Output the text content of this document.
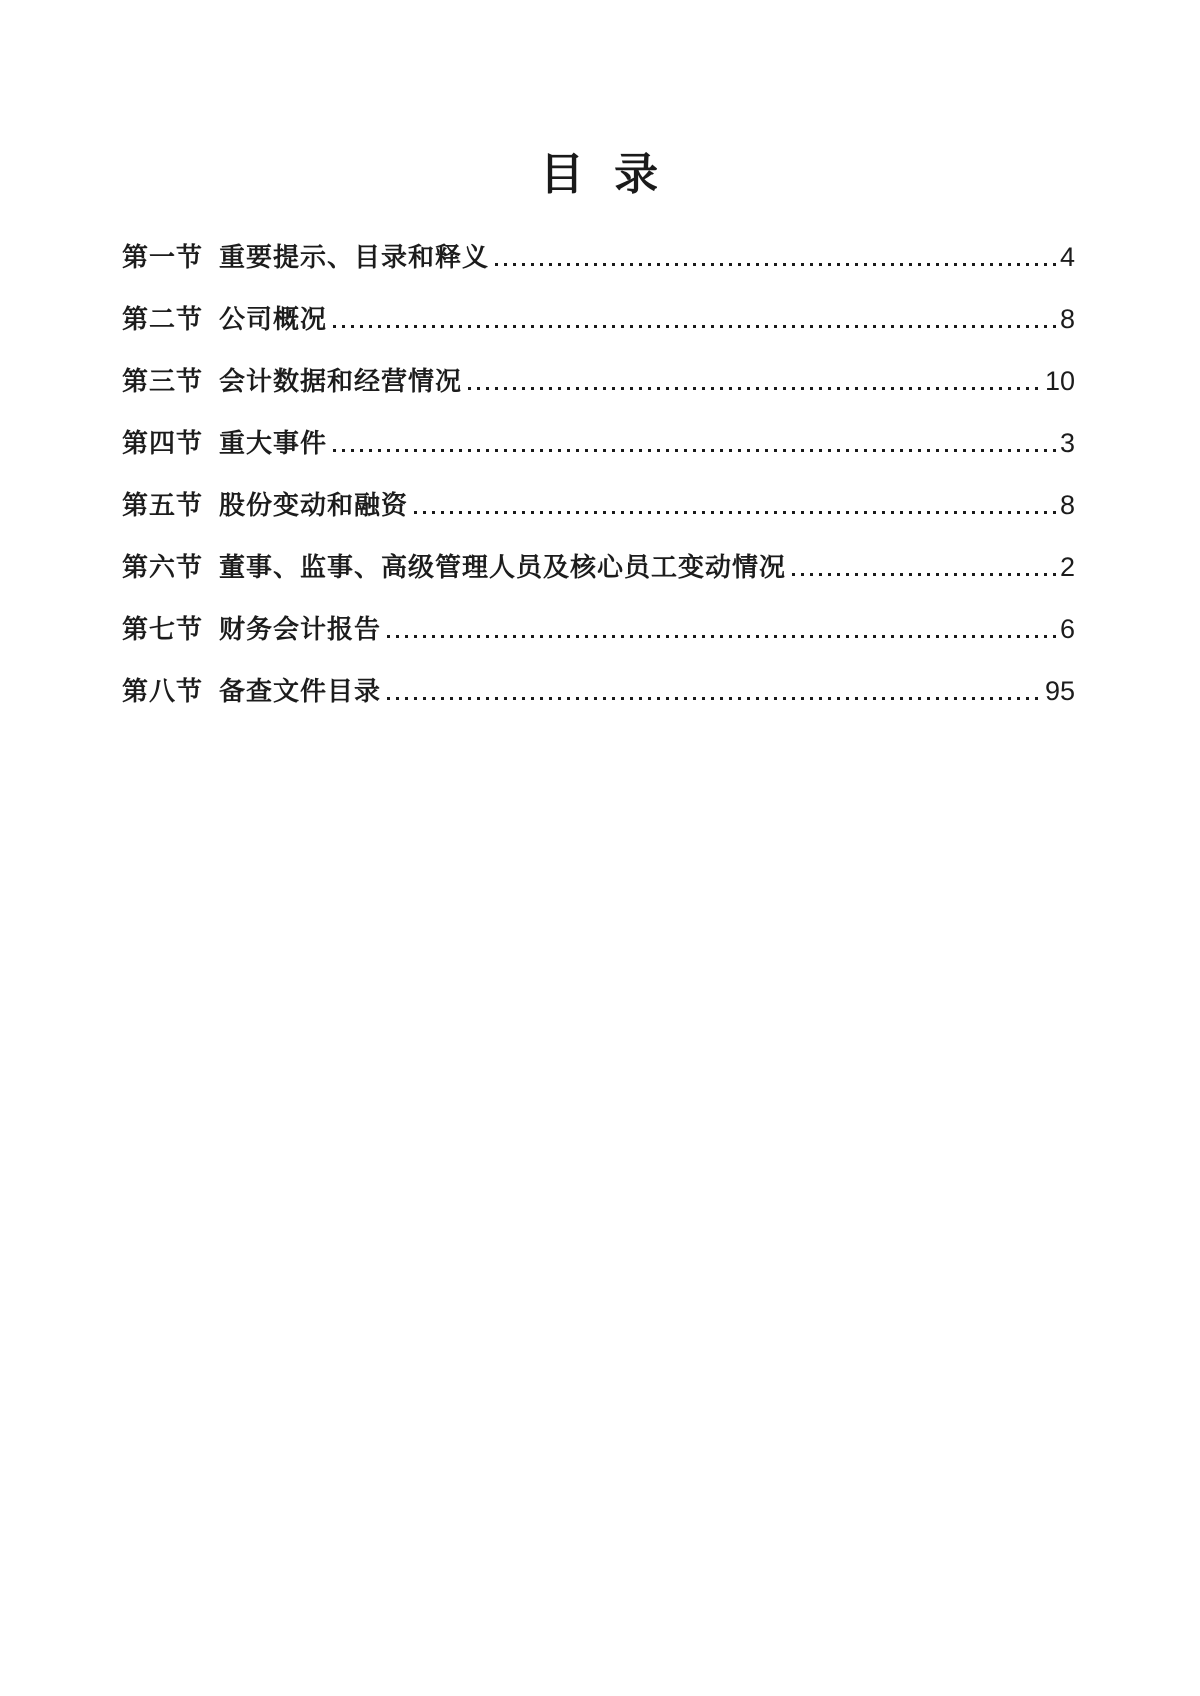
目 录
第一节 重要提示、目录和释义	4
第二节 公司概况	8
第三节 会计数据和经营情况	10
第四节 重大事件	3
第五节 股份变动和融资	8
第六节 董事、监事、高级管理人员及核心员工变动情况	2
第七节 财务会计报告	6
第八节 备查文件目录	95
